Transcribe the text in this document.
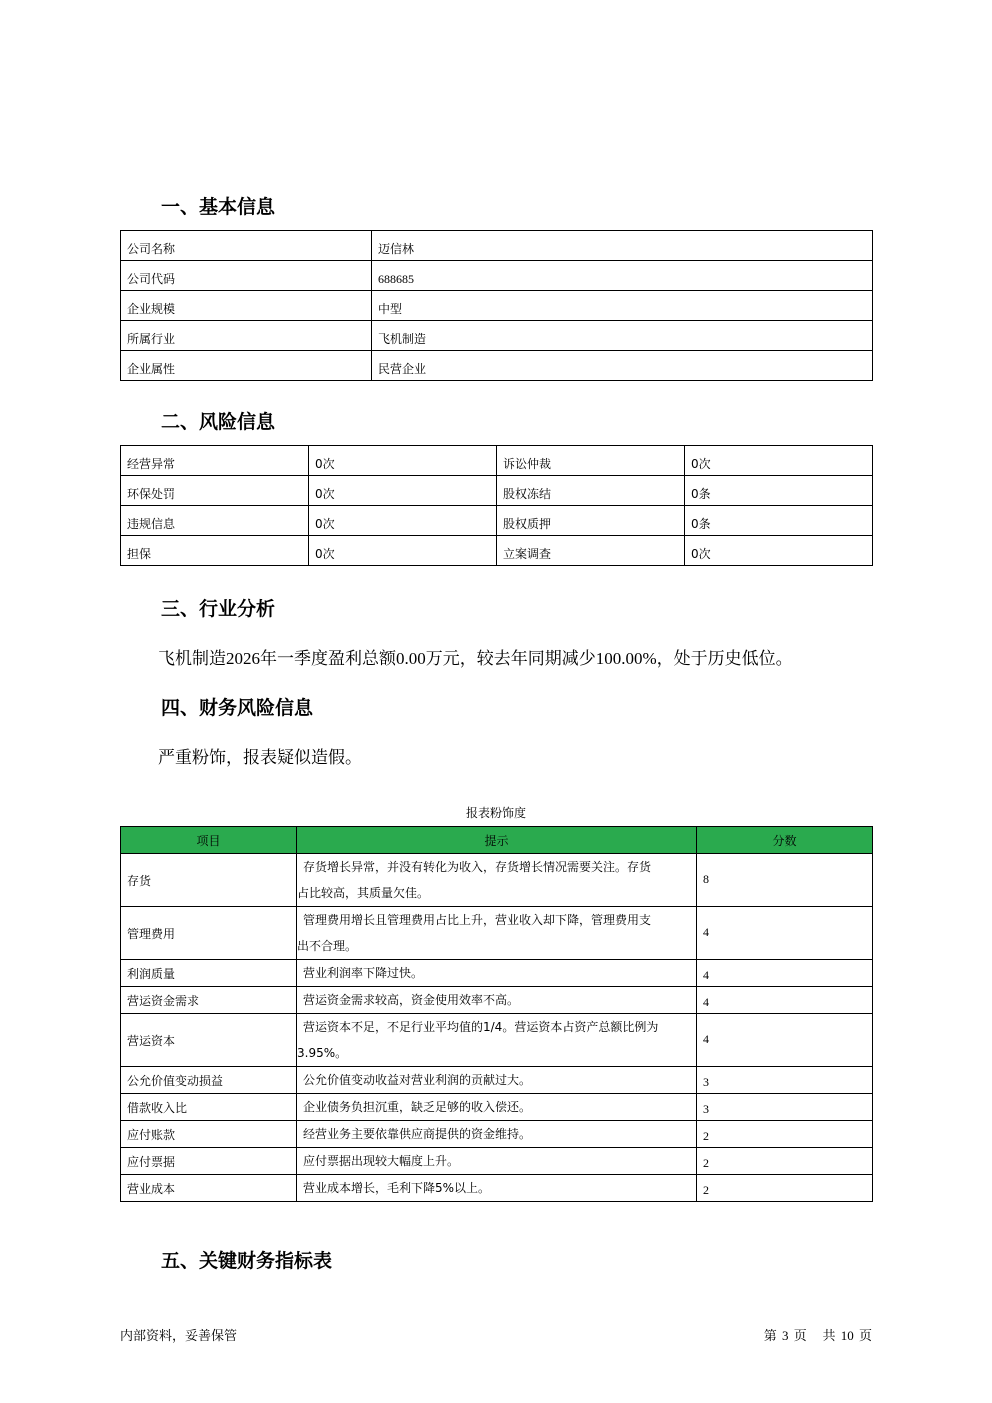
一、基本信息
公司名称	迈信林
公司代码	688685
企业规模	中型
所属行业	飞机制造
企业属性	民营企业
二、风险信息
经营异常	0次	诉讼仲裁	0次
环保处罚	0次	股权冻结	0条
违规信息	0次	股权质押	0条
担保	0次	立案调查	0次
三、行业分析
飞机制造2026年一季度盈利总额0.00万元，较去年同期减少100.00%，处于历史低位。
四、财务风险信息
严重粉饰，报表疑似造假。
报表粉饰度
项目	提示	分数
存货	存货增长异常，并没有转化为收入，存货增长情况需要关注。存货
占比较高，其质量欠佳。	8
管理费用	管理费用增长且管理费用占比上升，营业收入却下降，管理费用支
出不合理。	4
利润质量	营业利润率下降过快。	4
营运资金需求	营运资金需求较高，资金使用效率不高。	4
营运资本	营运资本不足，不足行业平均值的1/4。营运资本占资产总额比例为
3.95%。	4
公允价值变动损益	公允价值变动收益对营业利润的贡献过大。	3
借款收入比	企业债务负担沉重，缺乏足够的收入偿还。	3
应付账款	经营业务主要依靠供应商提供的资金维持。	2
应付票据	应付票据出现较大幅度上升。	2
营业成本	营业成本增长，毛利下降5%以上。	2
五、关键财务指标表
内部资料，妥善保管	第 3 页 共 10 页
